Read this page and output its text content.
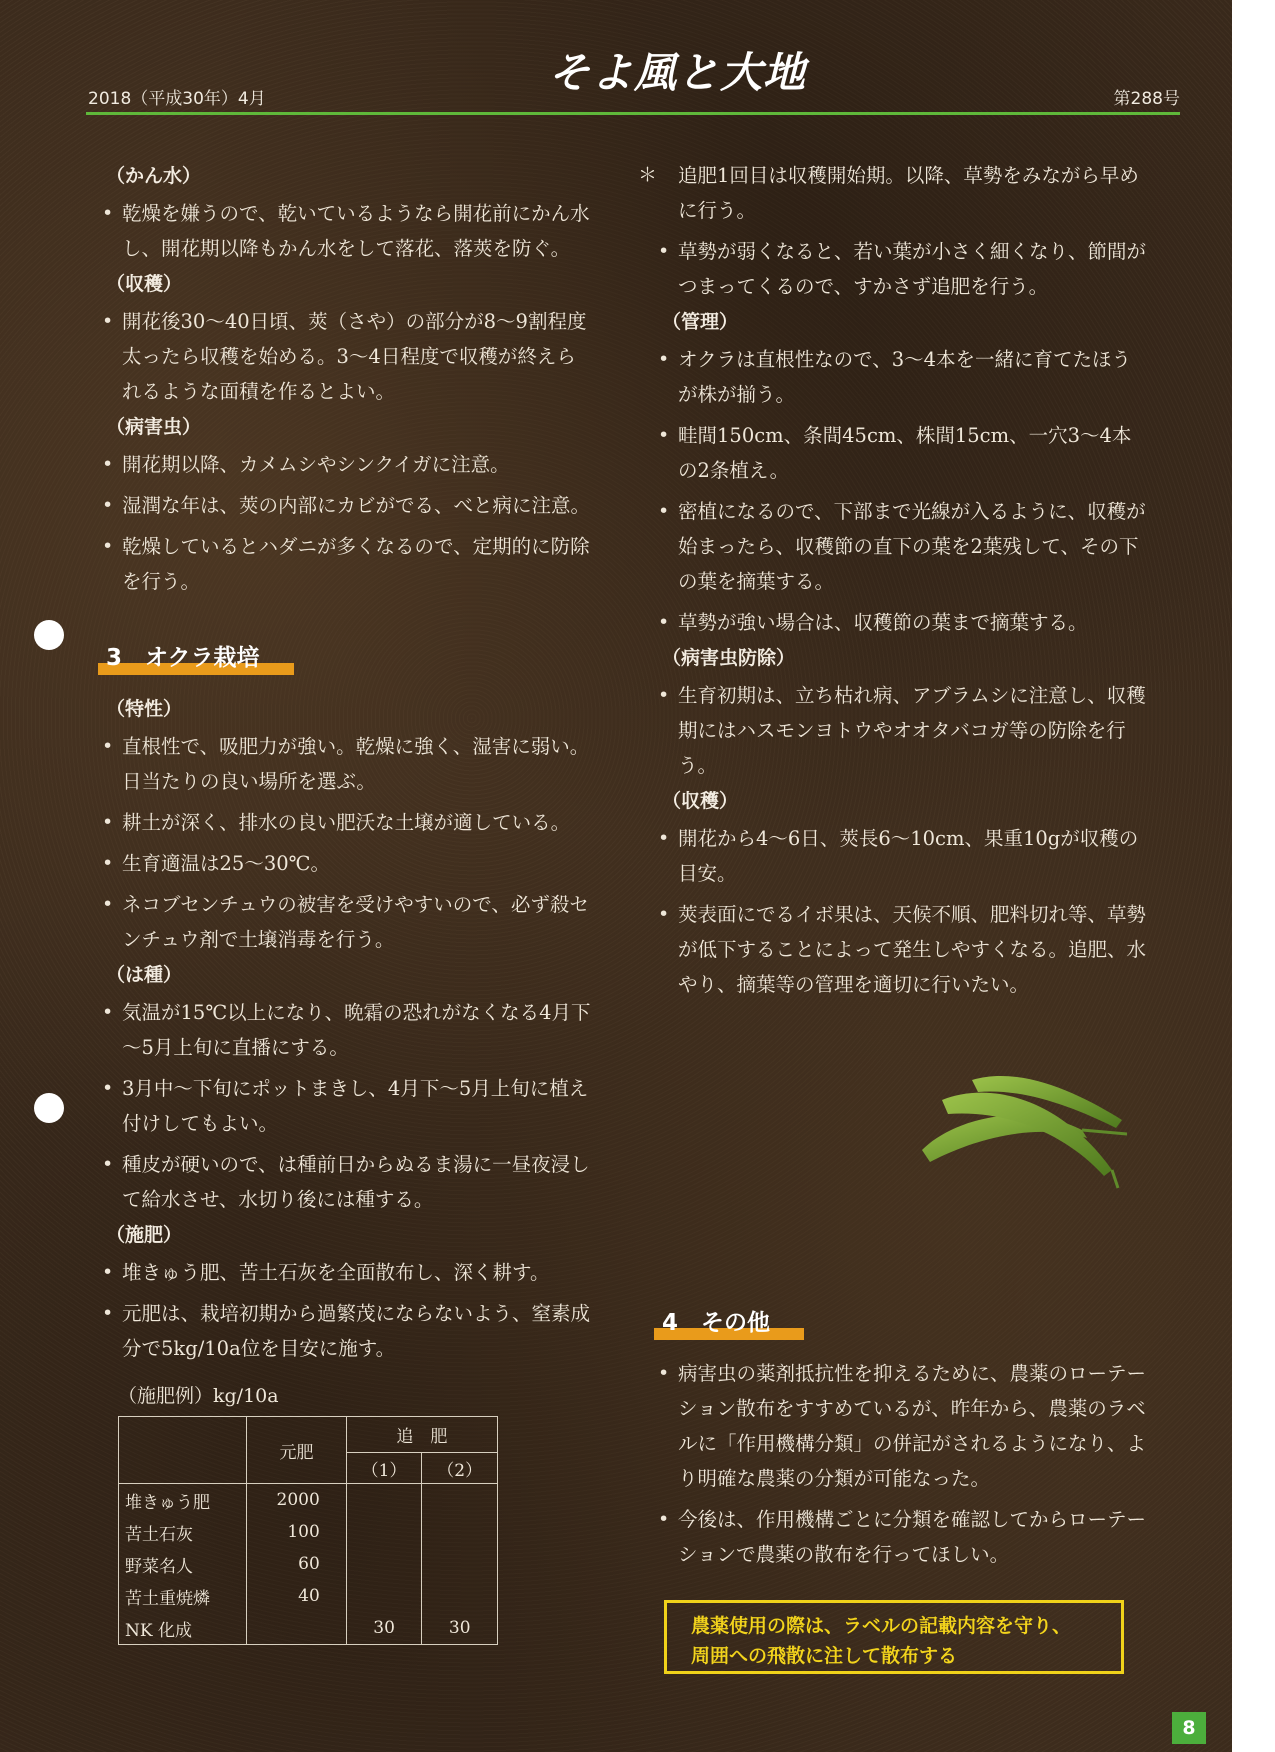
2018（平成30年）4月
そよ風と大地
第288号
（かん水）
• 乾燥を嫌うので、乾いているようなら開花前にかん水し、開花期以降もかん水をして落花、落莢を防ぐ。
（収穫）
• 開花後30～40日頃、莢（さや）の部分が8～9割程度太ったら収穫を始める。3～4日程度で収穫が終えられるような面積を作るとよい。
（病害虫）
• 開花期以降、カメムシやシンクイガに注意。
• 湿潤な年は、莢の内部にカビがでる、べと病に注意。
• 乾燥しているとハダニが多くなるので、定期的に防除を行う。
3　オクラ栽培
（特性）
• 直根性で、吸肥力が強い。乾燥に強く、湿害に弱い。日当たりの良い場所を選ぶ。
• 耕土が深く、排水の良い肥沃な土壌が適している。
• 生育適温は25～30℃。
• ネコブセンチュウの被害を受けやすいので、必ず殺センチュウ剤で土壌消毒を行う。
（は種）
• 気温が15℃以上になり、晩霜の恐れがなくなる4月下～5月上旬に直播にする。
• 3月中～下旬にポットまきし、4月下～5月上旬に植え付けしてもよい。
• 種皮が硬いので、は種前日からぬるま湯に一昼夜浸して給水させ、水切り後には種する。
（施肥）
• 堆きゅう肥、苦土石灰を全面散布し、深く耕す。
• 元肥は、栽培初期から過繁茂にならないよう、窒素成分で5kg/10a位を目安に施す。
（施肥例）kg/10a
	元肥	追　肥	
		（1）	（2）
堆きゅう肥	2000		
苦土石灰	100		
野菜名人	60		
苦土重焼燐	40		
NK 化成		30	30
＊ 追肥1回目は収穫開始期。以降、草勢をみながら早めに行う。
• 草勢が弱くなると、若い葉が小さく細くなり、節間がつまってくるので、すかさず追肥を行う。
（管理）
• オクラは直根性なので、3～4本を一緒に育てたほうが株が揃う。
• 畦間150cm、条間45cm、株間15cm、一穴3～4本の2条植え。
• 密植になるので、下部まで光線が入るように、収穫が始まったら、収穫節の直下の葉を2葉残して、その下の葉を摘葉する。
• 草勢が強い場合は、収穫節の葉まで摘葉する。
（病害虫防除）
• 生育初期は、立ち枯れ病、アブラムシに注意し、収穫期にはハスモンヨトウやオオタバコガ等の防除を行う。
（収穫）
• 開花から4～6日、莢長6～10cm、果重10gが収穫の目安。
• 莢表面にでるイボ果は、天候不順、肥料切れ等、草勢が低下することによって発生しやすくなる。追肥、水やり、摘葉等の管理を適切に行いたい。
4　その他
• 病害虫の薬剤抵抗性を抑えるために、農薬のローテーション散布をすすめているが、昨年から、農薬のラベルに「作用機構分類」の併記がされるようになり、より明確な農薬の分類が可能なった。
• 今後は、作用機構ごとに分類を確認してからローテーションで農薬の散布を行ってほしい。
農薬使用の際は、ラベルの記載内容を守り、
周囲への飛散に注して散布する
8
